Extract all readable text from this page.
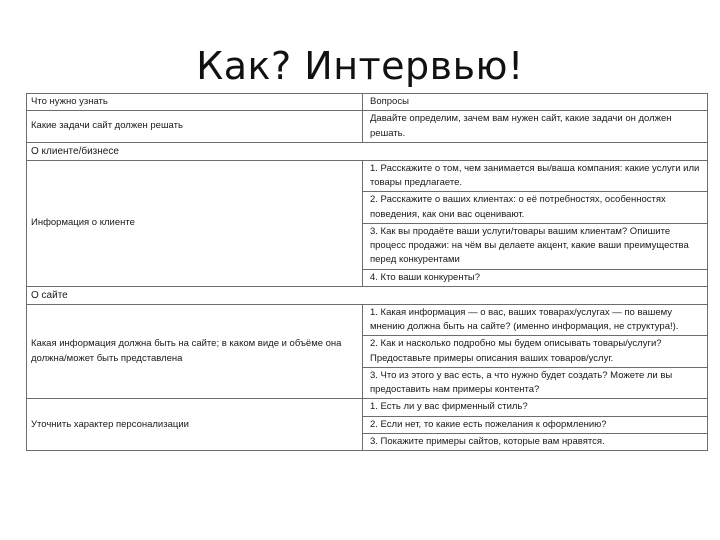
Как? Интервью!
Что нужно узнать	Вопросы
Какие задачи сайт должен решать	Давайте определим, зачем вам нужен сайт, какие задачи он должен решать.
О клиенте/бизнесе	
Информация о клиенте	1. Расскажите о том, чем занимается вы/ваша компания: какие услуги или товары предлагаете.
	2. Расскажите о ваших клиентах: о её потребностях, особенностях поведения, как они вас оценивают.
	3. Как вы продаёте ваши услуги/товары вашим клиентам? Опишите процесс продажи: на чём вы делаете акцент, какие ваши преимущества перед конкурентами
	4. Кто ваши конкуренты?
О сайте	
Какая информация должна быть на сайте; в каком виде и объёме она должна/может быть представлена	1. Какая информация — о вас, ваших товарах/услугах — по вашему мнению должна быть на сайте? (именно информация, не структура!).
	2. Как и насколько подробно мы будем описывать товары/услуги? Предоставьте примеры описания ваших товаров/услуг.
	3. Что из этого у вас есть, а что нужно будет создать? Можете ли вы предоставить нам примеры контента?
Уточнить характер персонализации	1. Есть ли у вас фирменный стиль?
	2. Если нет, то какие есть пожелания к оформлению?
	3. Покажите примеры сайтов, которые вам нравятся.
